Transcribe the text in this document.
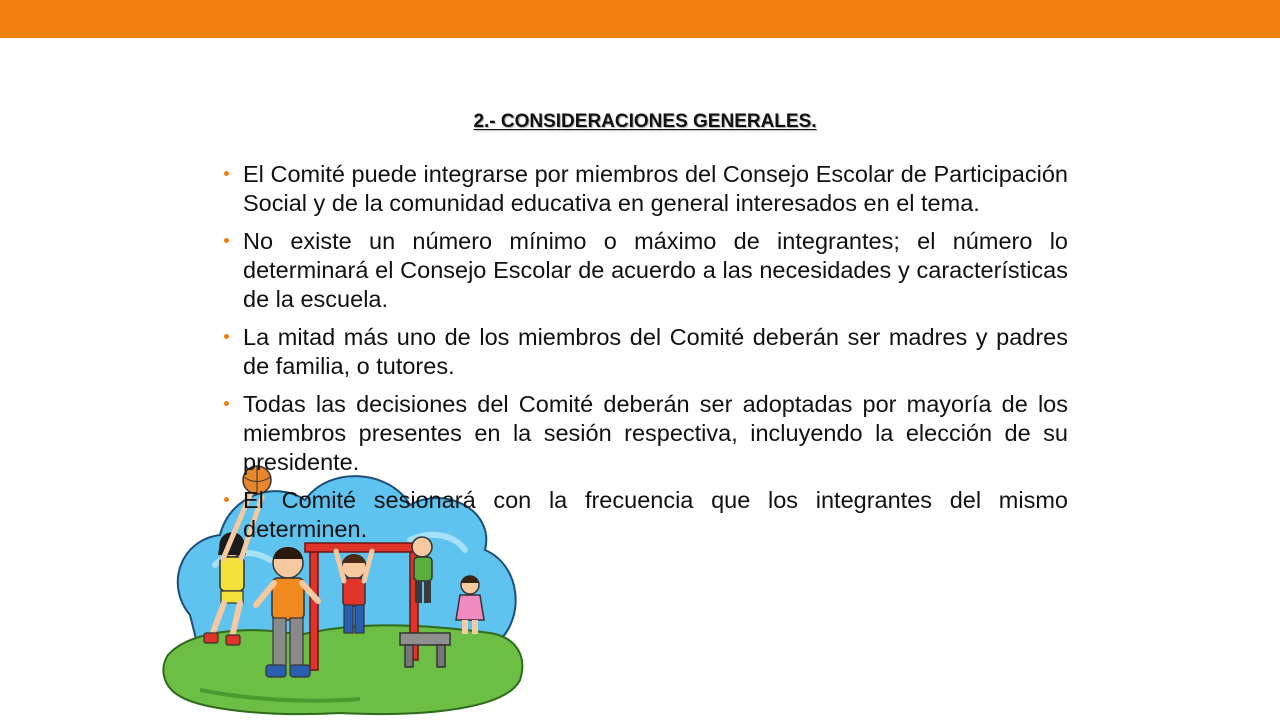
2.- CONSIDERACIONES GENERALES.
El Comité puede integrarse por miembros del Consejo Escolar de Participación Social y de la comunidad educativa en general interesados en el tema.
No existe un número mínimo o máximo de integrantes; el número lo determinará el Consejo Escolar de acuerdo a las necesidades y características de la escuela.
La mitad más uno de los miembros del Comité deberán ser madres y padres de familia, o tutores.
Todas las decisiones del Comité deberán ser adoptadas por mayoría de los miembros presentes en la sesión respectiva, incluyendo la elección de su presidente.
El Comité sesionará con la frecuencia que los integrantes del mismo determinen.
